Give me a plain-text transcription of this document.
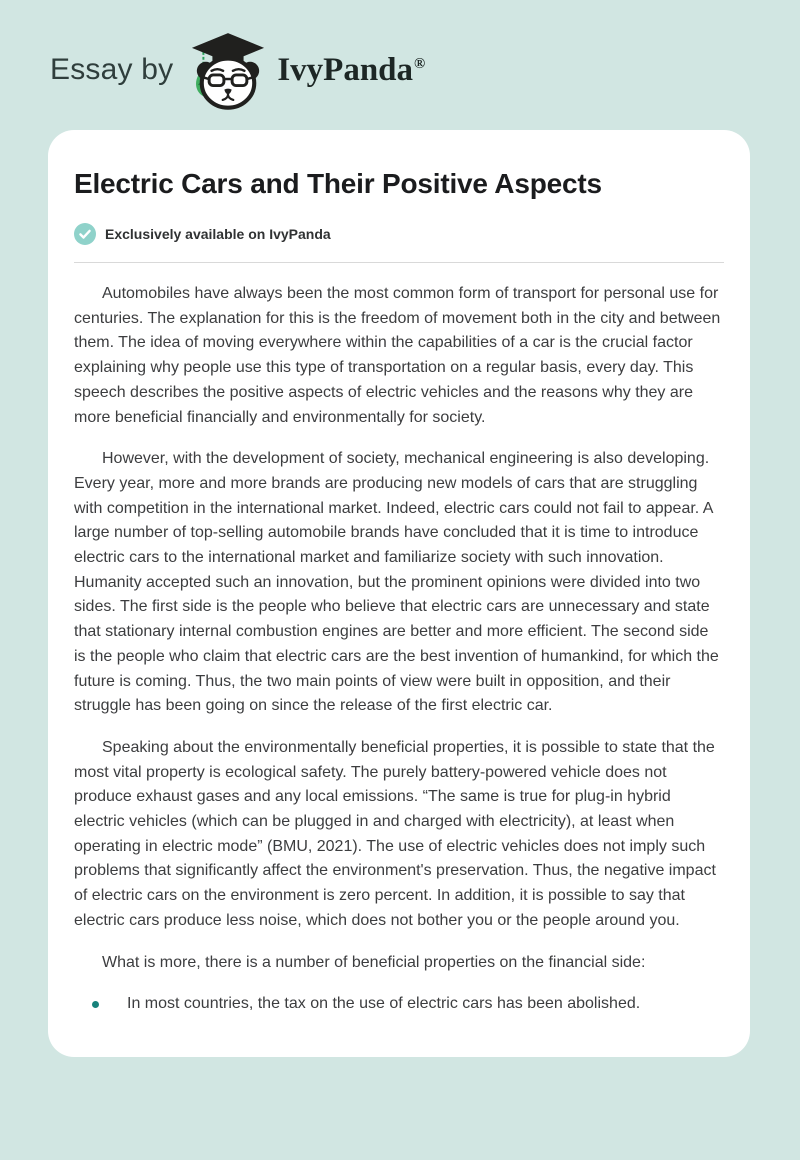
Essay by	IvyPanda®
Electric Cars and Their Positive Aspects
Exclusively available on IvyPanda

Automobiles have always been the most common form of transport for personal use for centuries. The explanation for this is the freedom of movement both in the city and between them. The idea of moving everywhere within the capabilities of a car is the crucial factor explaining why people use this type of transportation on a regular basis, every day. This speech describes the positive aspects of electric vehicles and the reasons why they are more beneficial financially and environmentally for society.

However, with the development of society, mechanical engineering is also developing. Every year, more and more brands are producing new models of cars that are struggling with competition in the international market. Indeed, electric cars could not fail to appear. A large number of top-selling automobile brands have concluded that it is time to introduce electric cars to the international market and familiarize society with such innovation. Humanity accepted such an innovation, but the prominent opinions were divided into two sides. The first side is the people who believe that electric cars are unnecessary and state that stationary internal combustion engines are better and more efficient. The second side is the people who claim that electric cars are the best invention of humankind, for which the future is coming. Thus, the two main points of view were built in opposition, and their struggle has been going on since the release of the first electric car.

Speaking about the environmentally beneficial properties, it is possible to state that the most vital property is ecological safety. The purely battery-powered vehicle does not produce exhaust gases and any local emissions. “The same is true for plug-in hybrid electric vehicles (which can be plugged in and charged with electricity), at least when operating in electric mode” (BMU, 2021). The use of electric vehicles does not imply such problems that significantly affect the environment's preservation. Thus, the negative impact of electric cars on the environment is zero percent. In addition, it is possible to say that electric cars produce less noise, which does not bother you or the people around you.

What is more, there is a number of beneficial properties on the financial side:

In most countries, the tax on the use of electric cars has been abolished.
